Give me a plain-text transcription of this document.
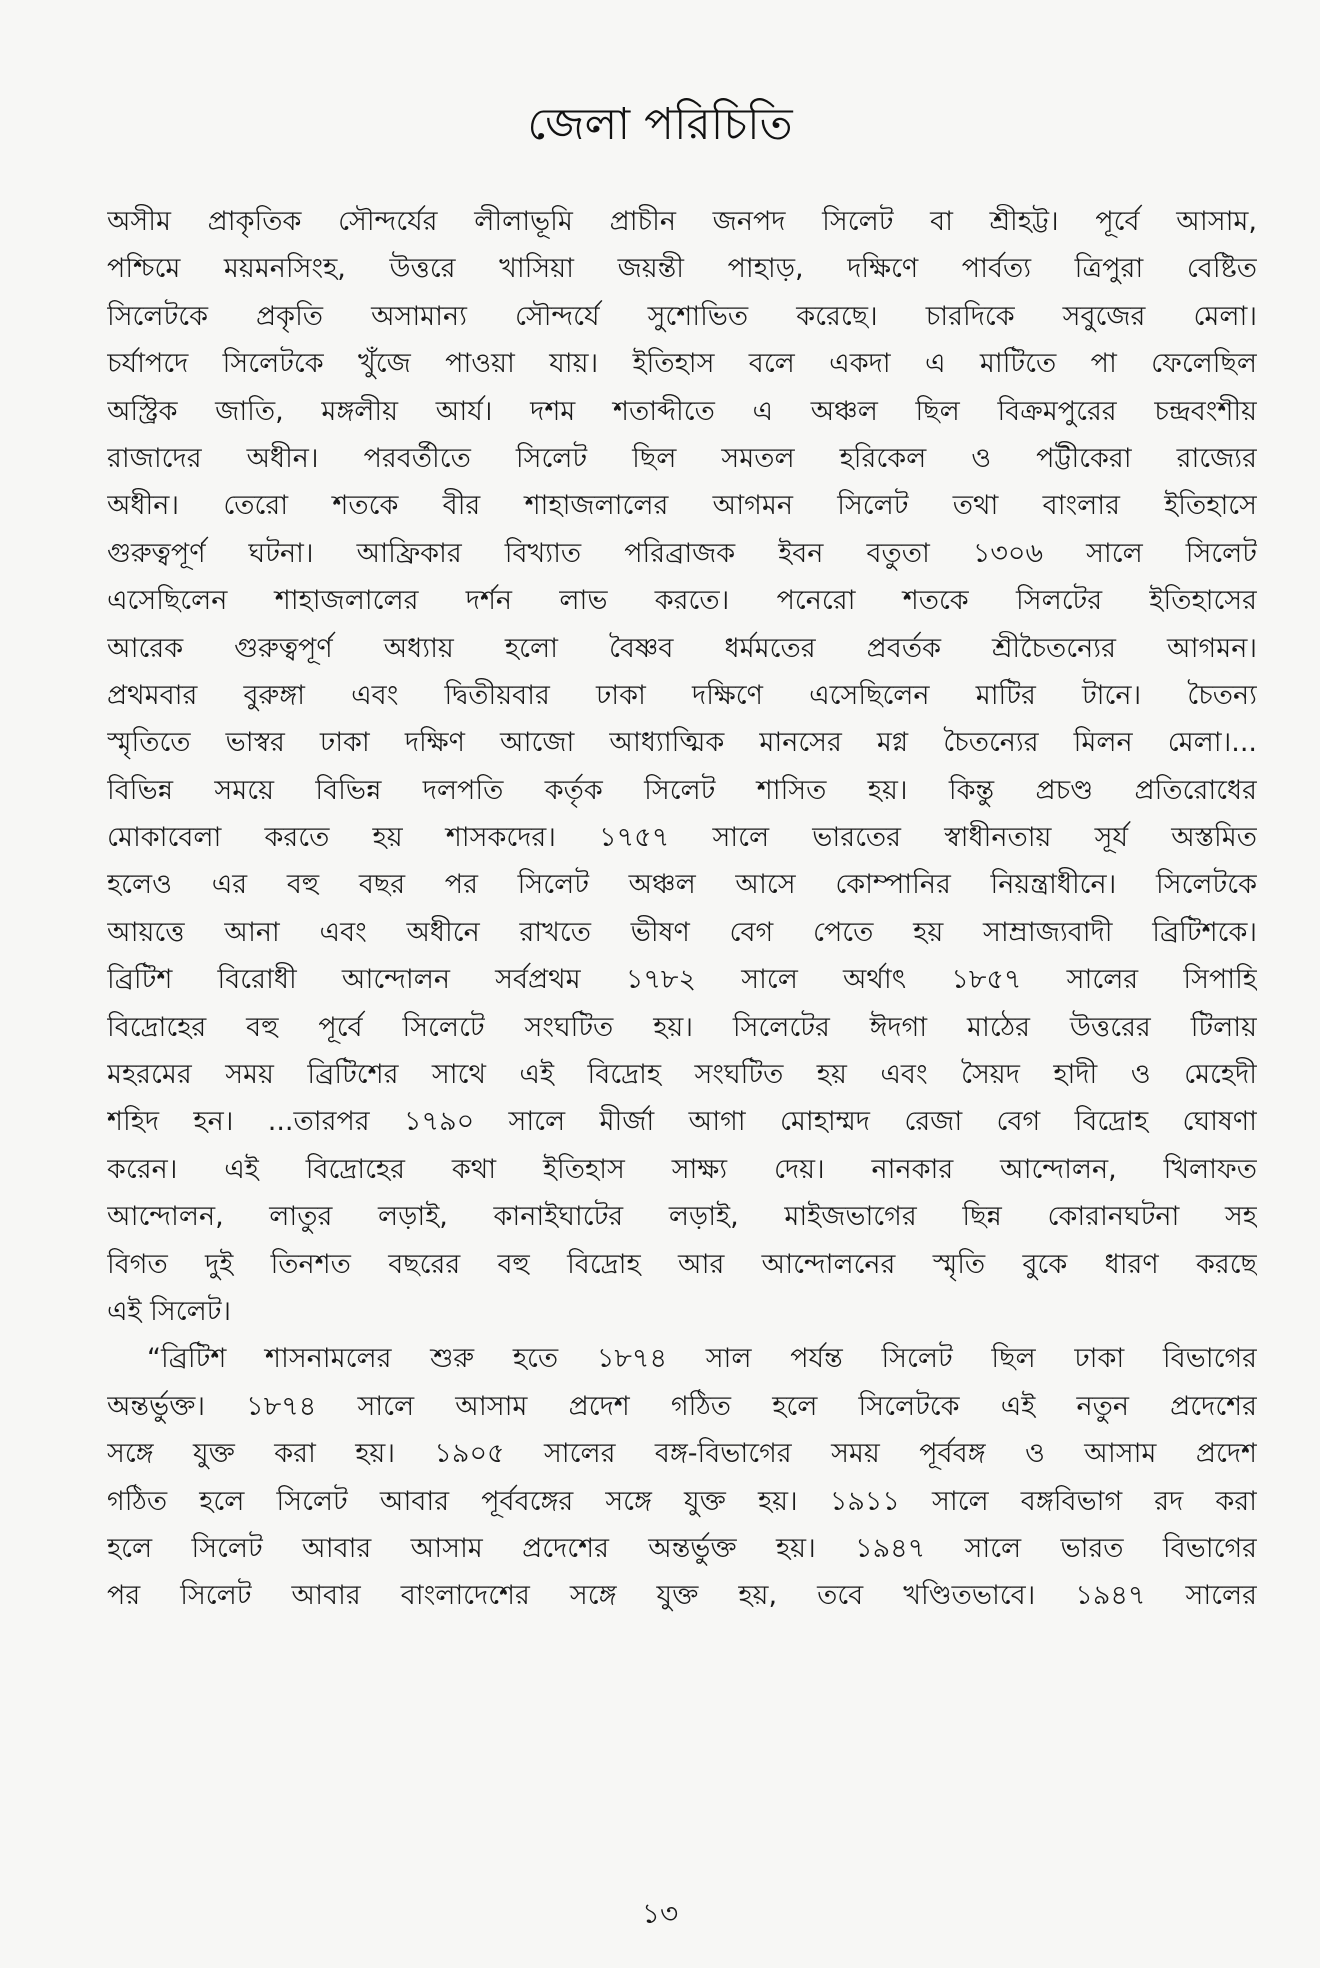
জেলা পরিচিতি
অসীম প্রাকৃতিক সৌন্দর্যের লীলাভূমি প্রাচীন জনপদ সিলেট বা শ্রীহট্ট। পূর্বে আসাম,
পশ্চিমে ময়মনসিংহ, উত্তরে খাসিয়া জয়ন্তী পাহাড়, দক্ষিণে পার্বত্য ত্রিপুরা বেষ্টিত
সিলেটকে প্রকৃতি অসামান্য সৌন্দর্যে সুশোভিত করেছে। চারদিকে সবুজের মেলা।
চর্যাপদে সিলেটকে খুঁজে পাওয়া যায়। ইতিহাস বলে একদা এ মাটিতে পা ফেলেছিল
অস্ট্রিক জাতি, মঙ্গলীয় আর্য। দশম শতাব্দীতে এ অঞ্চল ছিল বিক্রমপুরের চন্দ্রবংশীয়
রাজাদের অধীন। পরবর্তীতে সিলেট ছিল সমতল হরিকেল ও পট্টীকেরা রাজ্যের
অধীন। তেরো শতকে বীর শাহাজলালের আগমন সিলেট তথা বাংলার ইতিহাসে
গুরুত্বপূর্ণ ঘটনা। আফ্রিকার বিখ্যাত পরিব্রাজক ইবন বতুতা ১৩০৬ সালে সিলেট
এসেছিলেন শাহাজলালের দর্শন লাভ করতে। পনেরো শতকে সিলটের ইতিহাসের
আরেক গুরুত্বপূর্ণ অধ্যায় হলো বৈষ্ণব ধর্মমতের প্রবর্তক শ্রীচৈতন্যের আগমন।
প্রথমবার বুরুঙ্গা এবং দ্বিতীয়বার ঢাকা দক্ষিণে এসেছিলেন মাটির টানে। চৈতন্য
স্মৃতিতে ভাস্বর ঢাকা দক্ষিণ আজো আধ্যাত্মিক মানসের মগ্ন চৈতন্যের মিলন মেলা।...
বিভিন্ন সময়ে বিভিন্ন দলপতি কর্তৃক সিলেট শাসিত হয়। কিন্তু প্রচণ্ড প্রতিরোধের
মোকাবেলা করতে হয় শাসকদের। ১৭৫৭ সালে ভারতের স্বাধীনতায় সূর্য অস্তমিত
হলেও এর বহু বছর পর সিলেট অঞ্চল আসে কোম্পানির নিয়ন্ত্রাধীনে। সিলেটকে
আয়ত্তে আনা এবং অধীনে রাখতে ভীষণ বেগ পেতে হয় সাম্রাজ্যবাদী ব্রিটিশকে।
ব্রিটিশ বিরোধী আন্দোলন সর্বপ্রথম ১৭৮২ সালে অর্থাৎ ১৮৫৭ সালের সিপাহি
বিদ্রোহের বহু পূর্বে সিলেটে সংঘটিত হয়। সিলেটের ঈদগা মাঠের উত্তরের টিলায়
মহরমের সময় ব্রিটিশের সাথে এই বিদ্রোহ সংঘটিত হয় এবং সৈয়দ হাদী ও মেহেদী
শহিদ হন। ...তারপর ১৭৯০ সালে মীর্জা আগা মোহাম্মদ রেজা বেগ বিদ্রোহ ঘোষণা
করেন। এই বিদ্রোহের কথা ইতিহাস সাক্ষ্য দেয়। নানকার আন্দোলন, খিলাফত
আন্দোলন, লাতুর লড়াই, কানাইঘাটের লড়াই, মাইজভাগের ছিন্ন কোরানঘটনা সহ
বিগত দুই তিনশত বছরের বহু বিদ্রোহ আর আন্দোলনের স্মৃতি বুকে ধারণ করছে
এই সিলেট।
“ব্রিটিশ শাসনামলের শুরু হতে ১৮৭৪ সাল পর্যন্ত সিলেট ছিল ঢাকা বিভাগের
অন্তর্ভুক্ত। ১৮৭৪ সালে আসাম প্রদেশ গঠিত হলে সিলেটকে এই নতুন প্রদেশের
সঙ্গে যুক্ত করা হয়। ১৯০৫ সালের বঙ্গ-বিভাগের সময় পূর্ববঙ্গ ও আসাম প্রদেশ
গঠিত হলে সিলেট আবার পূর্ববঙ্গের সঙ্গে যুক্ত হয়। ১৯১১ সালে বঙ্গবিভাগ রদ করা
হলে সিলেট আবার আসাম প্রদেশের অন্তর্ভুক্ত হয়। ১৯৪৭ সালে ভারত বিভাগের
পর সিলেট আবার বাংলাদেশের সঙ্গে যুক্ত হয়, তবে খণ্ডিতভাবে। ১৯৪৭ সালের
১৩
